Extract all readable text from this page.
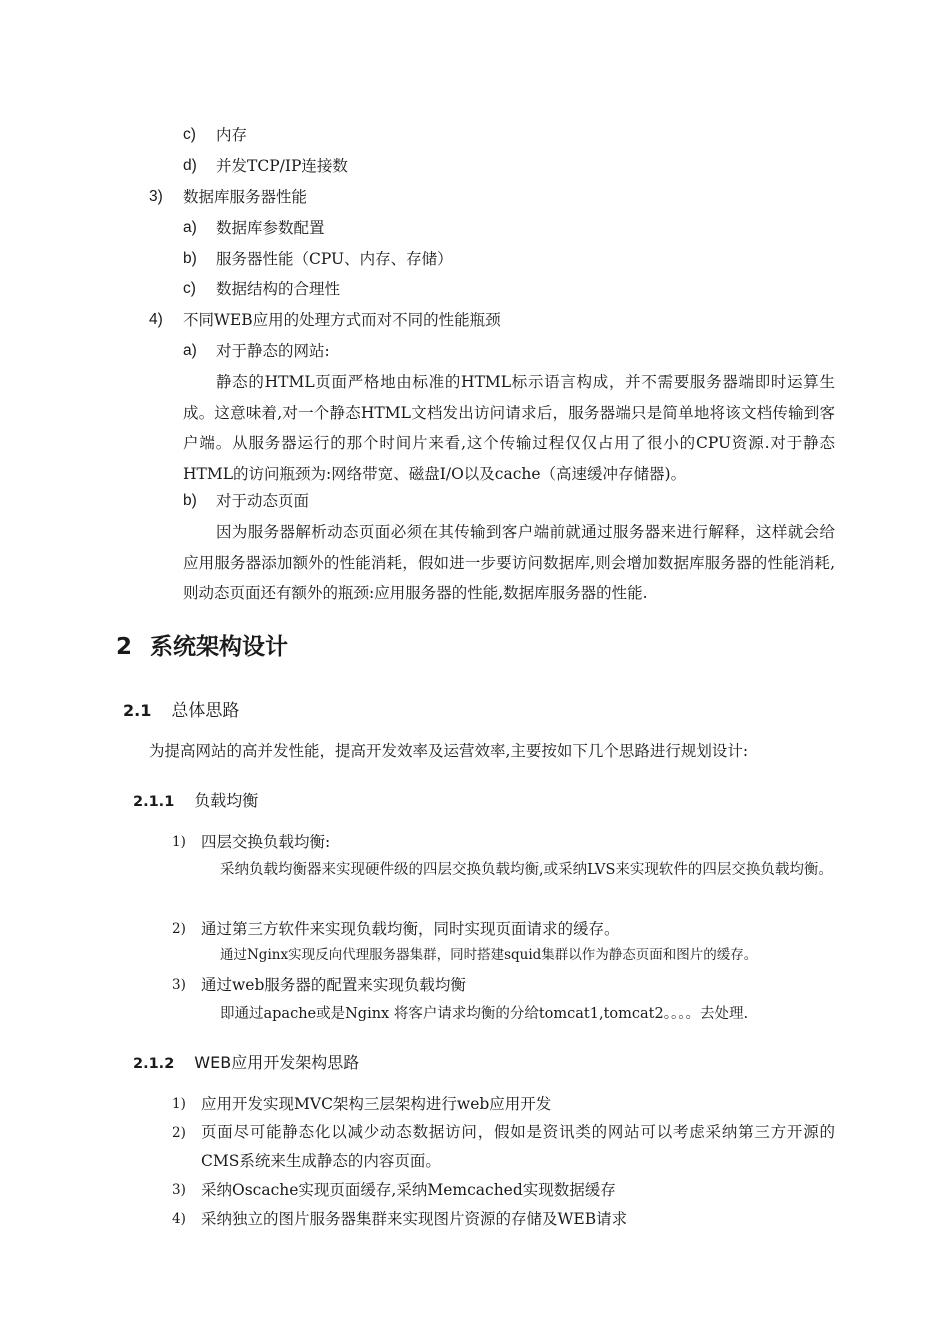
c) 内存
d) 并发TCP/IP连接数
3) 数据库服务器性能
a) 数据库参数配置
b) 服务器性能（CPU、内存、存储）
c) 数据结构的合理性
4) 不同WEB应用的处理方式而对不同的性能瓶颈
a) 对于静态的网站:
静态的HTML页面严格地由标准的HTML标示语言构成，并不需要服务器端即时运算生成。这意味着,对一个静态HTML文档发出访问请求后，服务器端只是简单地将该文档传输到客户端。从服务器运行的那个时间片来看,这个传输过程仅仅占用了很小的CPU资源.对于静态HTML的访问瓶颈为:网络带宽、磁盘I/O以及cache（高速缓冲存储器)。
b) 对于动态页面
因为服务器解析动态页面必须在其传输到客户端前就通过服务器来进行解释，这样就会给应用服务器添加额外的性能消耗，假如进一步要访问数据库,则会增加数据库服务器的性能消耗,则动态页面还有额外的瓶颈:应用服务器的性能,数据库服务器的性能.
2 系统架构设计
2.1 总体思路
为提高网站的高并发性能，提高开发效率及运营效率,主要按如下几个思路进行规划设计:
2.1.1 负载均衡
1) 四层交换负载均衡:
采纳负载均衡器来实现硬件级的四层交换负载均衡,或采纳LVS来实现软件的四层交换负载均衡。
2) 通过第三方软件来实现负载均衡，同时实现页面请求的缓存。
通过Nginx实现反向代理服务器集群，同时搭建squid集群以作为静态页面和图片的缓存。
3) 通过web服务器的配置来实现负载均衡
即通过apache或是Nginx 将客户请求均衡的分给tomcat1,tomcat2。。。。去处理.
2.1.2 WEB应用开发架构思路
1) 应用开发实现MVC架构三层架构进行web应用开发
2) 页面尽可能静态化以减少动态数据访问，假如是资讯类的网站可以考虑采纳第三方开源的CMS系统来生成静态的内容页面。
3) 采纳Oscache实现页面缓存,采纳Memcached实现数据缓存
4) 采纳独立的图片服务器集群来实现图片资源的存储及WEB请求
